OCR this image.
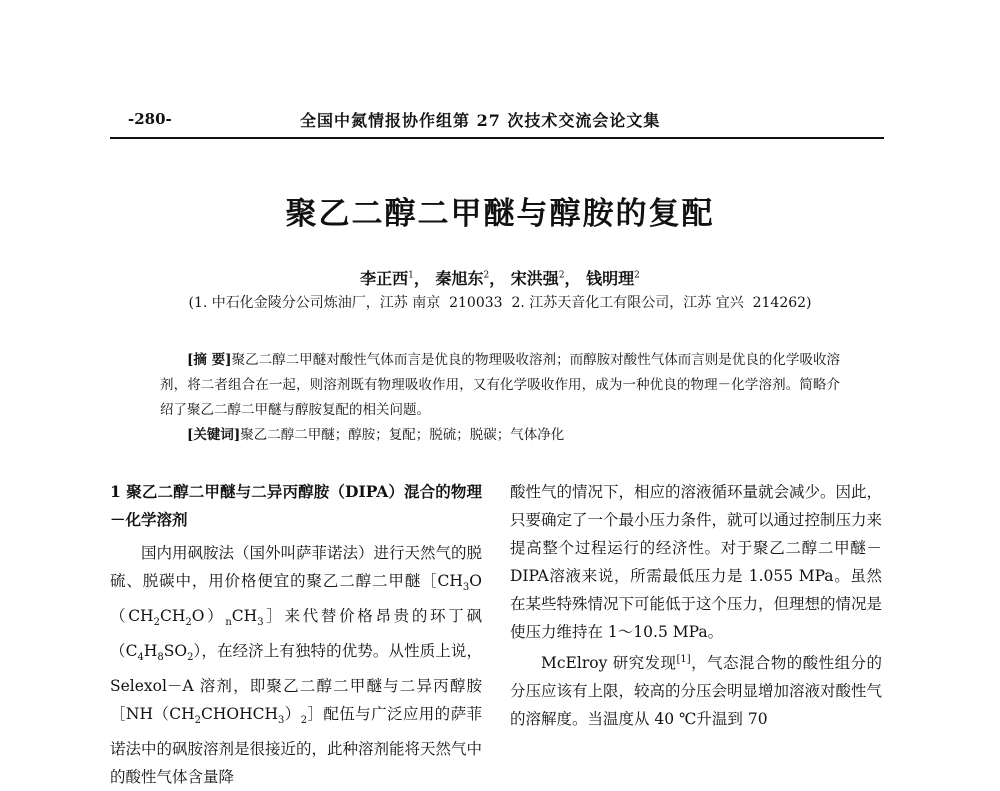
-280-	全国中氮情报协作组第 27 次技术交流会论文集
聚乙二醇二甲醚与醇胺的复配
李正西$^1$， 秦旭东$^2$， 宋洪强$^2$， 钱明理$^2$
(1. 中石化金陵分公司炼油厂，江苏 南京  210033  2. 江苏天音化工有限公司，江苏 宜兴  214262)
[摘 要]聚乙二醇二甲醚对酸性气体而言是优良的物理吸收溶剂；而醇胺对酸性气体而言则是优良的化学吸收溶剂，将二者组合在一起，则溶剂既有物理吸收作用，又有化学吸收作用，成为一种优良的物理－化学溶剂。简略介绍了聚乙二醇二甲醚与醇胺复配的相关问题。
[关键词]聚乙二醇二甲醚；醇胺；复配；脱硫；脱碳；气体净化
1 聚乙二醇二甲醚与二异丙醇胺（DIPA）混合的物理－化学溶剂

国内用砜胺法（国外叫萨菲诺法）进行天然气的脱硫、脱碳中，用价格便宜的聚乙二醇二甲醚$[CH_3O(CH_2CH_2O)_nCH_3]$来代替价格昂贵的环丁砜$(C_4H_8SO_2)$，在经济上有独特的优势。从性质上说，Selexol－A 溶剂，即聚乙二醇二甲醚与二异丙醇胺$[NH(CH_2CHOHCH_3)_2]$配伍与广泛应用的萨菲诺法中的砜胺溶剂是很接近的，此种溶剂能将天然气中的酸性气体含量降

酸性气的情况下，相应的溶液循环量就会减少。因此，只要确定了一个最小压力条件，就可以通过控制压力来提高整个过程运行的经济性。对于聚乙二醇二甲醚－DIPA溶液来说，所需最低压力是 1.055 MPa。虽然在某些特殊情况下可能低于这个压力，但理想的情况是使压力维持在 1～10.5 MPa。

McElroy 研究发现[1]，气态混合物的酸性组分的分压应该有上限，较高的分压会明显增加溶液对酸性气的溶解度。当温度从 40 ℃升温到 70
